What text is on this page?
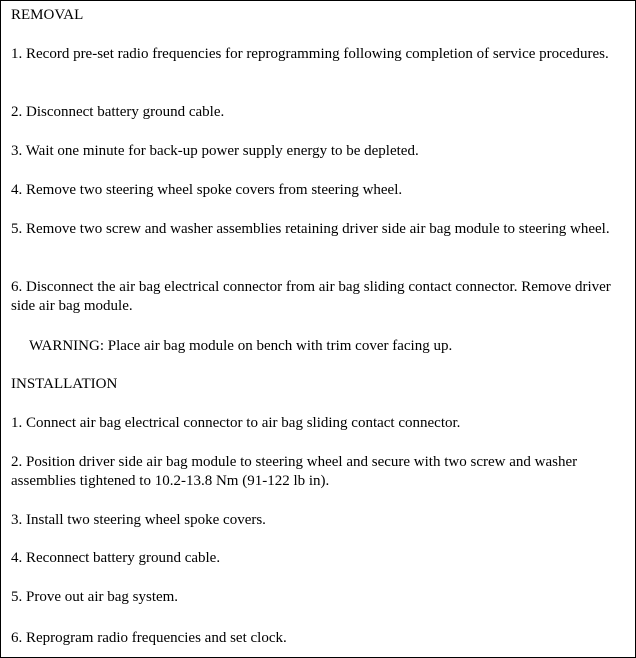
REMOVAL
1. Record pre-set radio frequencies for reprogramming following completion of service procedures.
2. Disconnect battery ground cable.
3. Wait one minute for back-up power supply energy to be depleted.
4. Remove two steering wheel spoke covers from steering wheel.
5. Remove two screw and washer assemblies retaining driver side air bag module to steering wheel.
6. Disconnect the air bag electrical connector from air bag sliding contact connector. Remove driver side air bag module.
WARNING: Place air bag module on bench with trim cover facing up.
INSTALLATION
1. Connect air bag electrical connector to air bag sliding contact connector.
2. Position driver side air bag module to steering wheel and secure with two screw and washer assemblies tightened to 10.2-13.8 Nm (91-122 lb in).
3. Install two steering wheel spoke covers.
4. Reconnect battery ground cable.
5. Prove out air bag system.
6. Reprogram radio frequencies and set clock.
